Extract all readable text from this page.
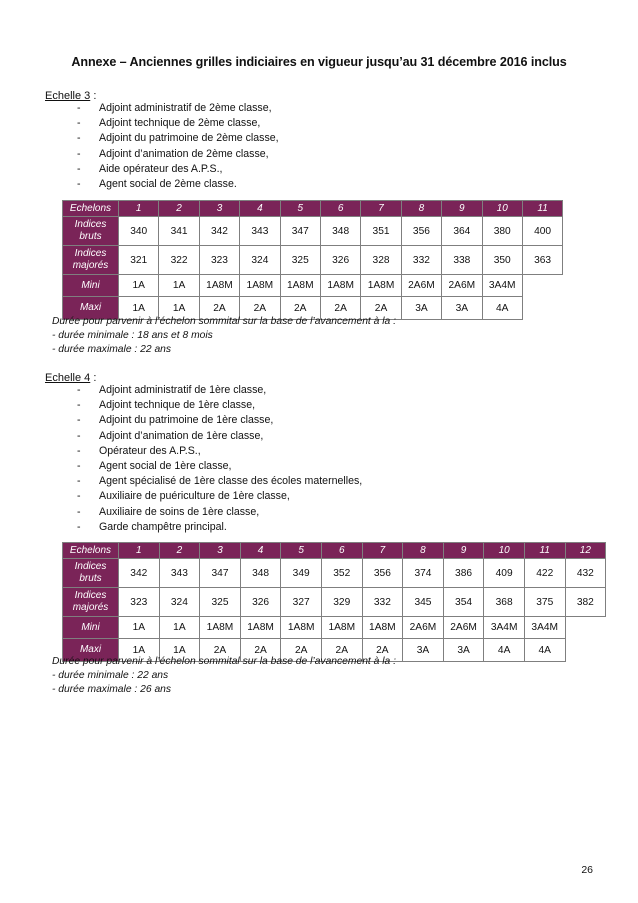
Annexe – Anciennes grilles indiciaires en vigueur jusqu’au 31 décembre 2016 inclus
Echelle 3 :
- Adjoint administratif de 2ème classe,
- Adjoint technique de 2ème classe,
- Adjoint du patrimoine de 2ème classe,
- Adjoint d’animation de 2ème classe,
- Aide opérateur des A.P.S.,
- Agent social de 2ème classe.
Echelons	1	2	3	4	5	6	7	8	9	10	11
Indices bruts	340	341	342	343	347	348	351	356	364	380	400
Indices majorés	321	322	323	324	325	326	328	332	338	350	363
Mini	1A	1A	1A8M	1A8M	1A8M	1A8M	1A8M	2A6M	2A6M	3A4M	
Maxi	1A	1A	2A	2A	2A	2A	2A	3A	3A	4A	
Durée pour parvenir à l’échelon sommital sur la base de l’avancement à la :
- durée minimale : 18 ans et 8 mois
- durée maximale : 22 ans
Echelle 4 :
- Adjoint administratif de 1ère classe,
- Adjoint technique de 1ère classe,
- Adjoint du patrimoine de 1ère classe,
- Adjoint d’animation de 1ère classe,
- Opérateur des A.P.S.,
- Agent social de 1ère classe,
- Agent spécialisé de 1ère classe des écoles maternelles,
- Auxiliaire de puériculture de 1ère classe,
- Auxiliaire de soins de 1ère classe,
- Garde champêtre principal.
Echelons	1	2	3	4	5	6	7	8	9	10	11	12
Indices bruts	342	343	347	348	349	352	356	374	386	409	422	432
Indices majorés	323	324	325	326	327	329	332	345	354	368	375	382
Mini	1A	1A	1A8M	1A8M	1A8M	1A8M	1A8M	2A6M	2A6M	3A4M	3A4M	
Maxi	1A	1A	2A	2A	2A	2A	2A	3A	3A	4A	4A	
Durée pour parvenir à l’échelon sommital sur la base de l’avancement à la :
- durée minimale : 22 ans
- durée maximale : 26 ans
26
